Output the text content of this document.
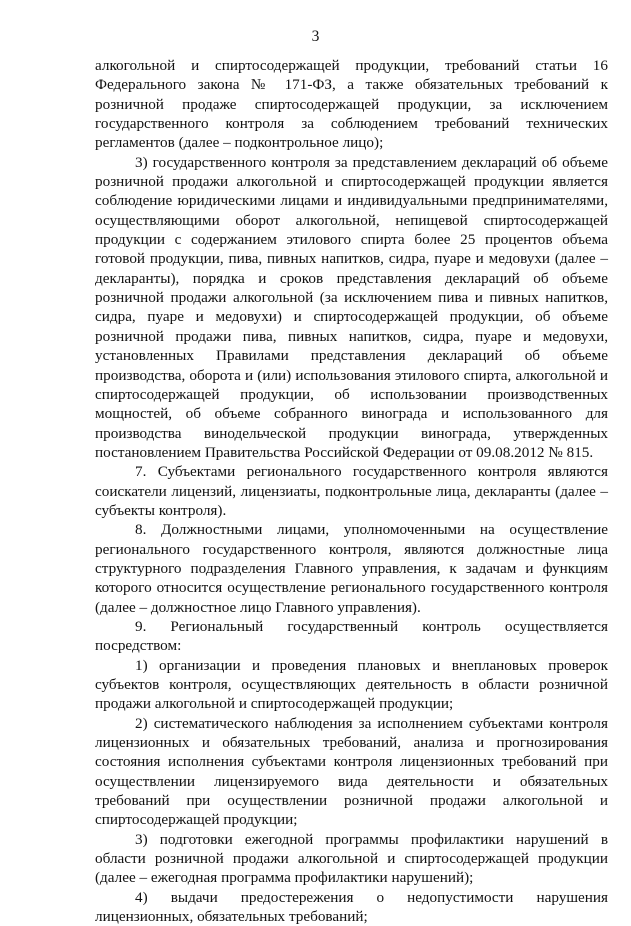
3

алкогольной и спиртосодержащей продукции, требований статьи 16 Федерального закона № 171-ФЗ, а также обязательных требований к розничной продаже спиртосодержащей продукции, за исключением государственного контроля за соблюдением требований технических регламентов (далее – подконтрольное лицо);

3) государственного контроля за представлением деклараций об объеме розничной продажи алкогольной и спиртосодержащей продукции является соблюдение юридическими лицами и индивидуальными предпринимателями, осуществляющими оборот алкогольной, непищевой спиртосодержащей продукции с содержанием этилового спирта более 25 процентов объема готовой продукции, пива, пивных напитков, сидра, пуаре и медовухи (далее – декларанты), порядка и сроков представления деклараций об объеме розничной продажи алкогольной (за исключением пива и пивных напитков, сидра, пуаре и медовухи) и спиртосодержащей продукции, об объеме розничной продажи пива, пивных напитков, сидра, пуаре и медовухи, установленных Правилами представления деклараций об объеме производства, оборота и (или) использования этилового спирта, алкогольной и спиртосодержащей продукции, об использовании производственных мощностей, об объеме собранного винограда и использованного для производства винодельческой продукции винограда, утвержденных постановлением Правительства Российской Федерации от 09.08.2012 № 815.

7. Субъектами регионального государственного контроля являются соискатели лицензий, лицензиаты, подконтрольные лица, декларанты (далее – субъекты контроля).

8. Должностными лицами, уполномоченными на осуществление регионального государственного контроля, являются должностные лица структурного подразделения Главного управления, к задачам и функциям которого относится осуществление регионального государственного контроля (далее – должностное лицо Главного управления).

9. Региональный государственный контроль осуществляется посредством:

1) организации и проведения плановых и внеплановых проверок субъектов контроля, осуществляющих деятельность в области розничной продажи алкогольной и спиртосодержащей продукции;

2) систематического наблюдения за исполнением субъектами контроля лицензионных и обязательных требований, анализа и прогнозирования состояния исполнения субъектами контроля лицензионных требований при осуществлении лицензируемого вида деятельности и обязательных требований при осуществлении розничной продажи алкогольной и спиртосодержащей продукции;

3) подготовки ежегодной программы профилактики нарушений в области розничной продажи алкогольной и спиртосодержащей продукции (далее – ежегодная программа профилактики нарушений);

4) выдачи предостережения о недопустимости нарушения лицензионных, обязательных требований;
